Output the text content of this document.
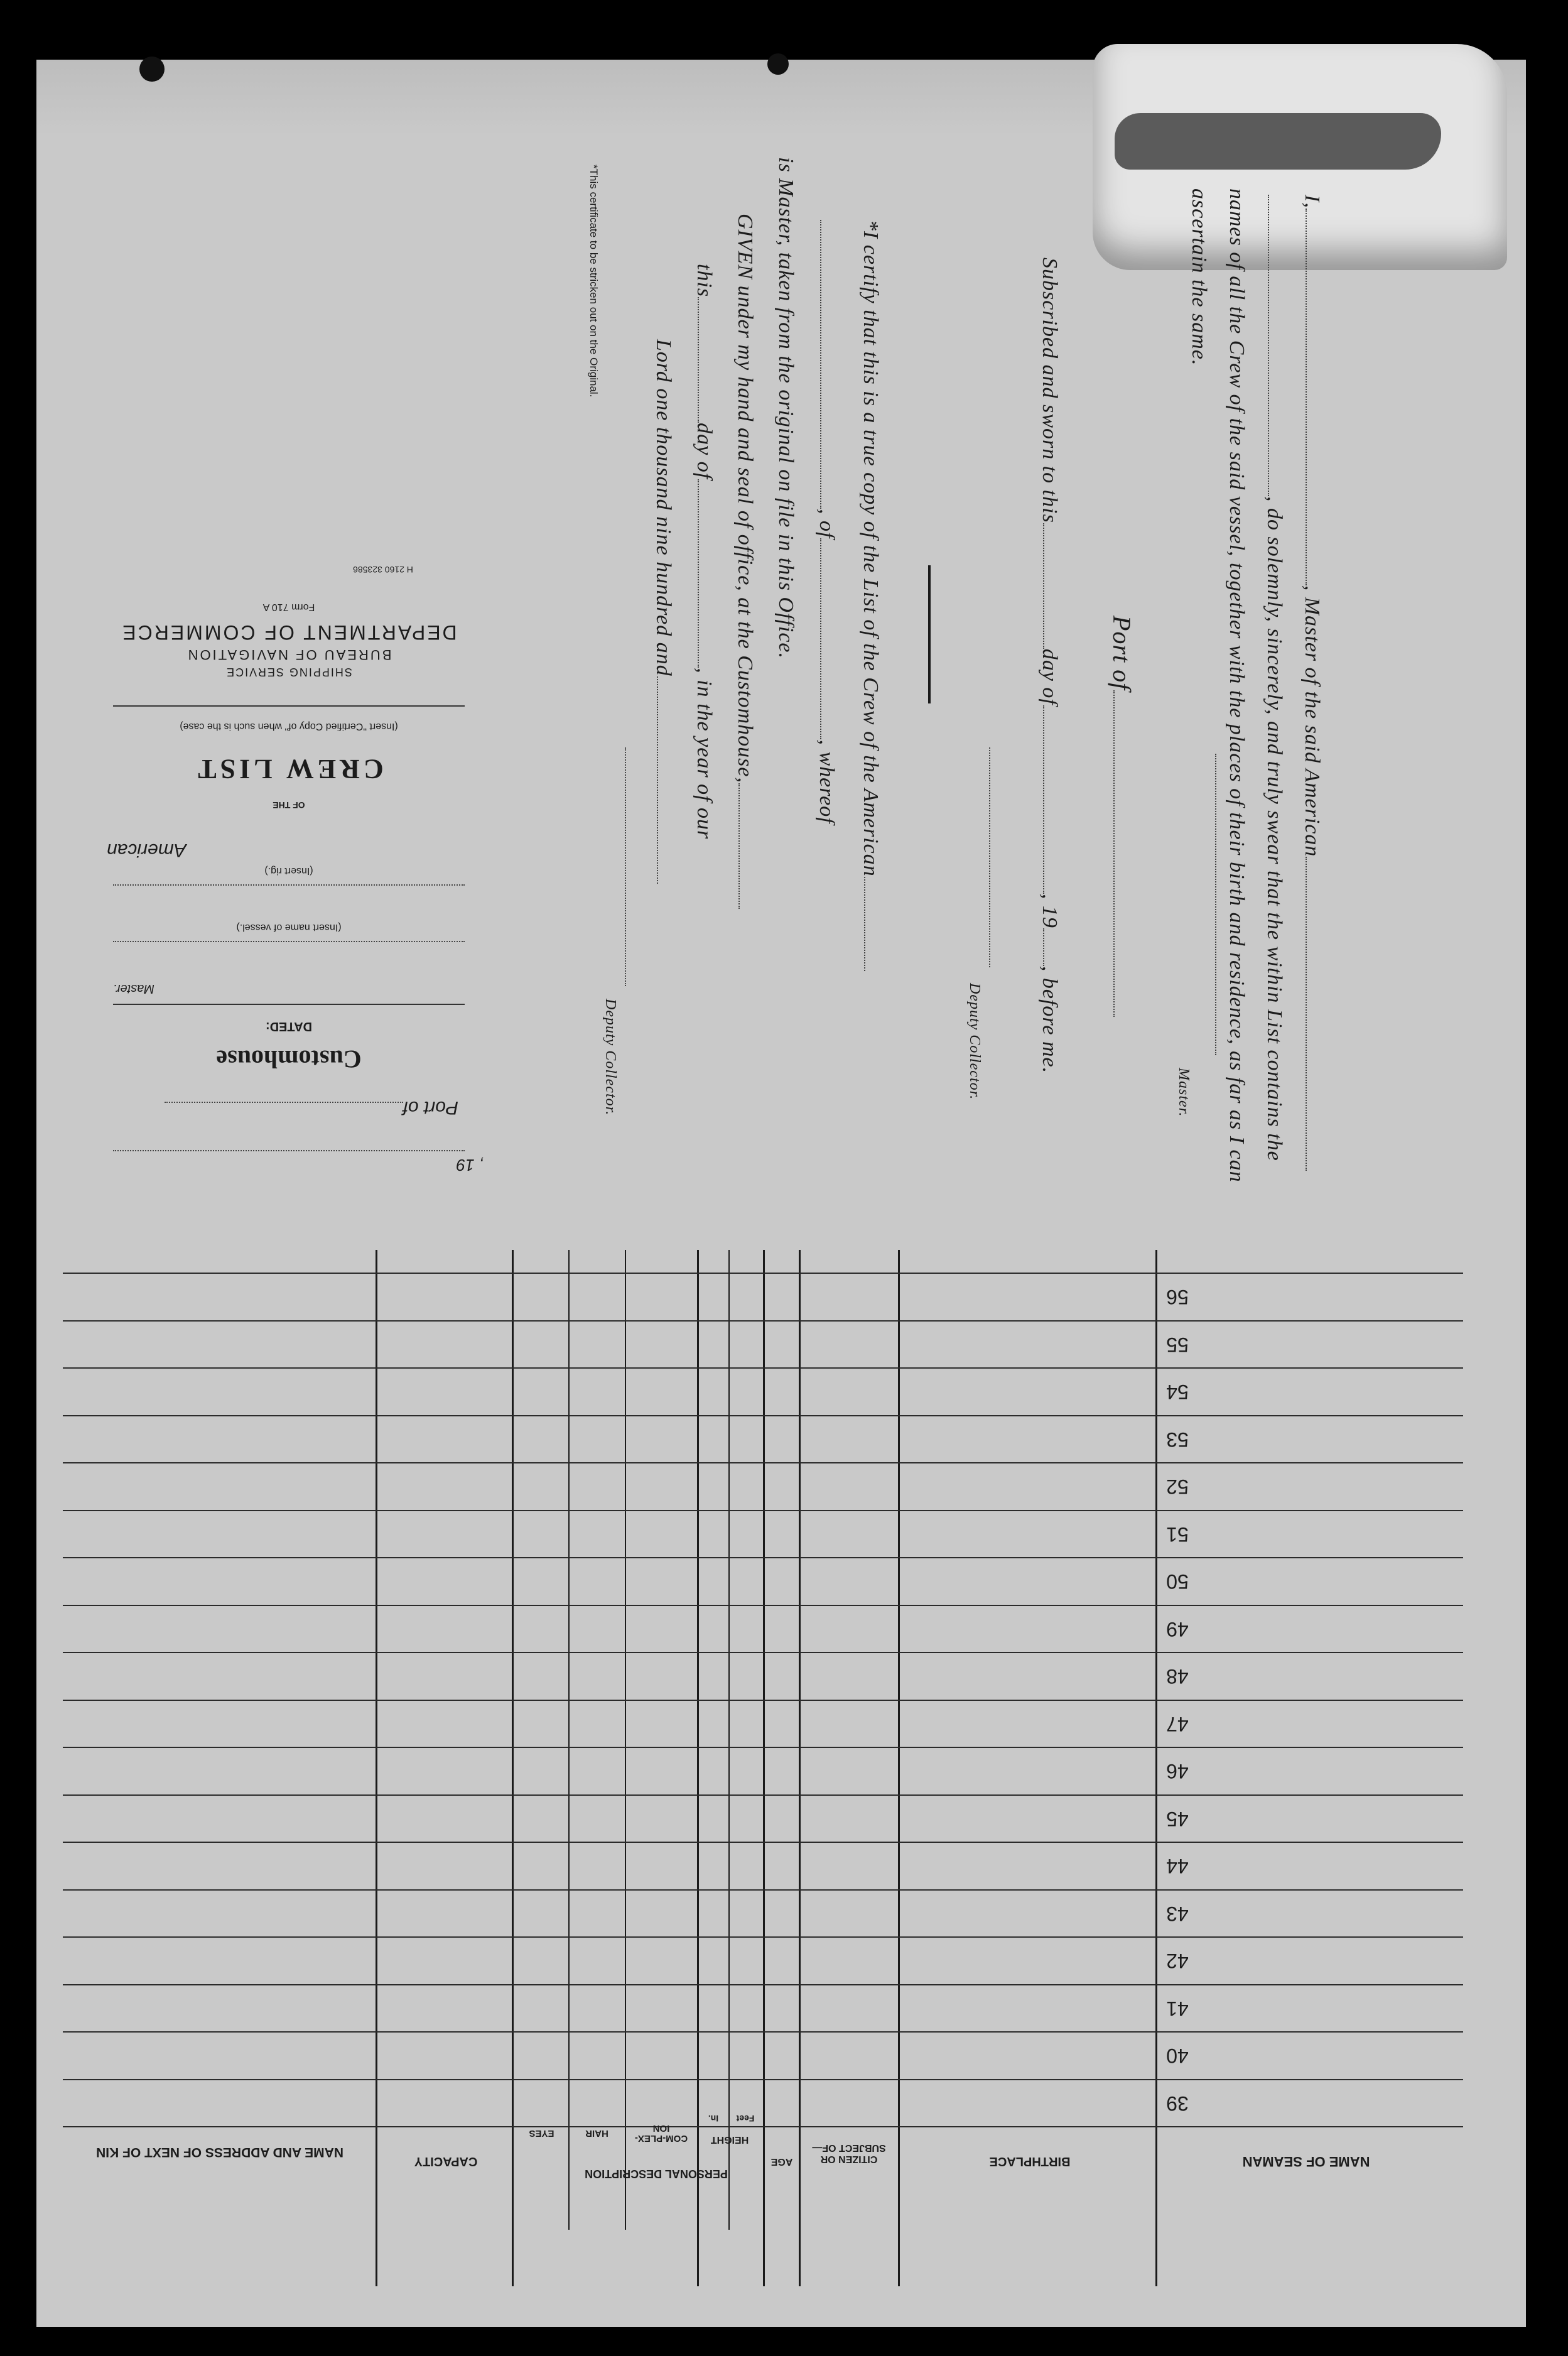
I,, Master of the said American
, do solemnly, sincerely, and truly swear that the within List contains the
names of all the Crew of the said vessel, together with the places of their birth and residence, as far as I can
ascertain the same.
Master.
Port of
Subscribed and sworn to thisday of, 19, before me.
Deputy Collector.
*I certify that this is a true copy of the List of the Crew of the American
, of, whereof
is Master, taken from the original on file in this Office.
GIVEN under my hand and seal of office, at the Customhouse,
thisday of, in the year of our
Lord one thousand nine hundred and
Deputy Collector.
*This certificate to be stricken out on the Original.
, 19
Port of
Customhouse
DATED:
Master.
(Insert name of vessel.)
(Insert rig.)
American
OF THE
CREW LIST
(Insert "Certified Copy of" when such is the case)
SHIPPING SERVICE
BUREAU OF NAVIGATION
DEPARTMENT OF COMMERCE
Form 710 A
H 2160 323586
39
40
41
42
43
44
45
46
47
48
49
50
51
52
53
54
55
56
NAME OF SEAMAN
BIRTHPLACE
CITIZEN OR SUBJECT OF—
AGE
HEIGHT
Feet
In.
COM-PLEX-ION
HAIR
EYES
PERSONAL DESCRIPTION
CAPACITY
NAME AND ADDRESS OF NEXT OF KIN
